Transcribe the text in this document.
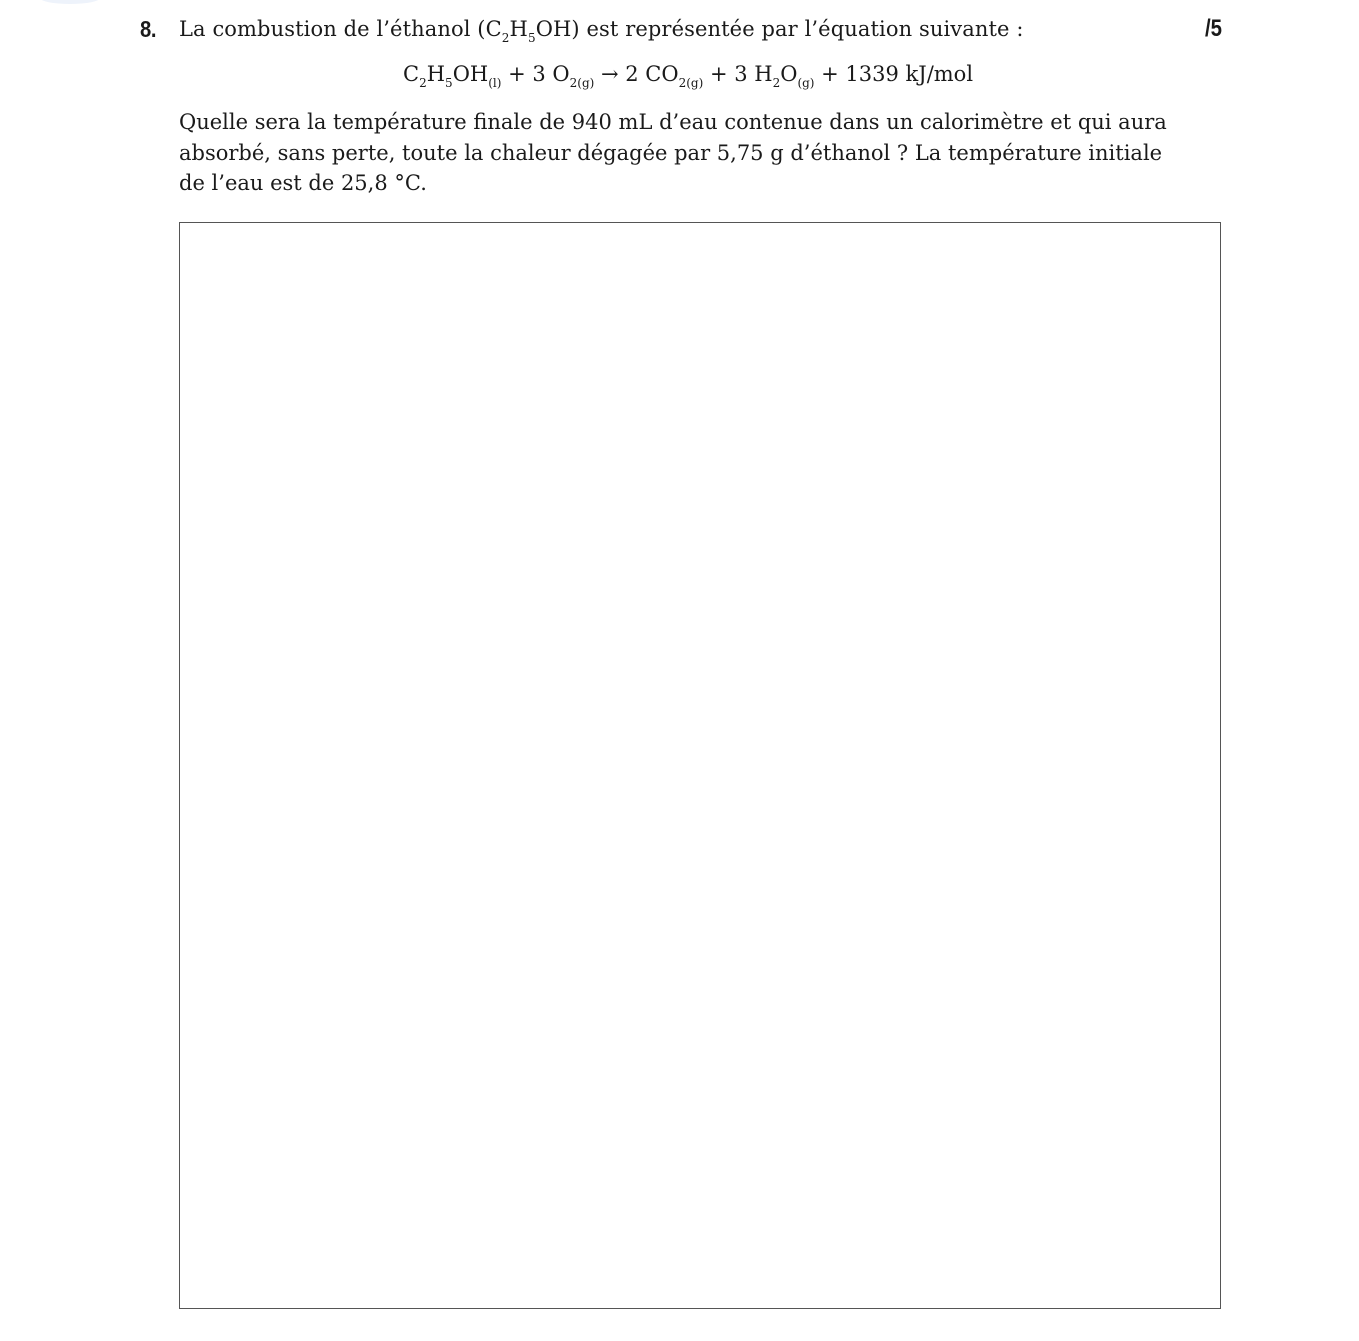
8. La combustion de l’éthanol $(C_2H_5OH)$ est représentée par l’équation suivante :	/5
$C_2H_5OH_{(l)} + 3$ $O_{2(g)} \to 2$ $CO_{2(g)} + 3$ $H_2O_{(g)} + 1339$ kJ/mol
Quelle sera la température finale de 940 mL d’eau contenue dans un calorimètre et qui aura
absorbé, sans perte, toute la chaleur dégagée par 5,75 g d’éthanol ? La température initiale
de l’eau est de 25,8 °C.
